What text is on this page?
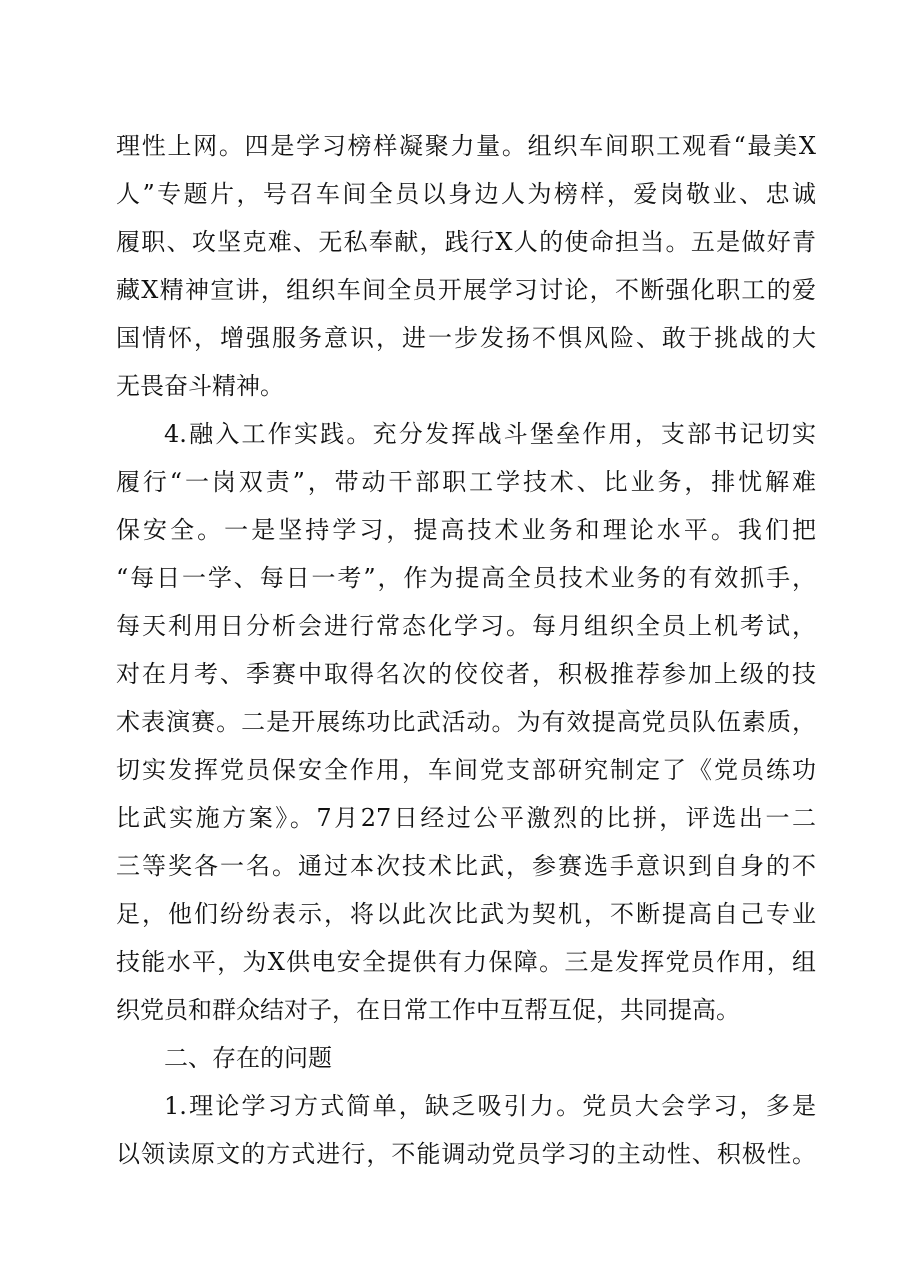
理性上网。四是学习榜样凝聚力量。组织车间职工观看“最美X
人”专题片，号召车间全员以身边人为榜样，爱岗敬业、忠诚
履职、攻坚克难、无私奉献，践行X人的使命担当。五是做好青
藏X精神宣讲，组织车间全员开展学习讨论，不断强化职工的爱
国情怀，增强服务意识，进一步发扬不惧风险、敢于挑战的大
无畏奋斗精神。
4.融入工作实践。充分发挥战斗堡垒作用，支部书记切实
履行“一岗双责”，带动干部职工学技术、比业务，排忧解难
保安全。一是坚持学习，提高技术业务和理论水平。我们把
“每日一学、每日一考”，作为提高全员技术业务的有效抓手，
每天利用日分析会进行常态化学习。每月组织全员上机考试，
对在月考、季赛中取得名次的佼佼者，积极推荐参加上级的技
术表演赛。二是开展练功比武活动。为有效提高党员队伍素质，
切实发挥党员保安全作用，车间党支部研究制定了《党员练功
比武实施方案》。7月27日经过公平激烈的比拼，评选出一二
三等奖各一名。通过本次技术比武，参赛选手意识到自身的不
足，他们纷纷表示，将以此次比武为契机，不断提高自己专业
技能水平，为X供电安全提供有力保障。三是发挥党员作用，组
织党员和群众结对子，在日常工作中互帮互促，共同提高。
二、存在的问题
1.理论学习方式简单，缺乏吸引力。党员大会学习，多是
以领读原文的方式进行，不能调动党员学习的主动性、积极性。
